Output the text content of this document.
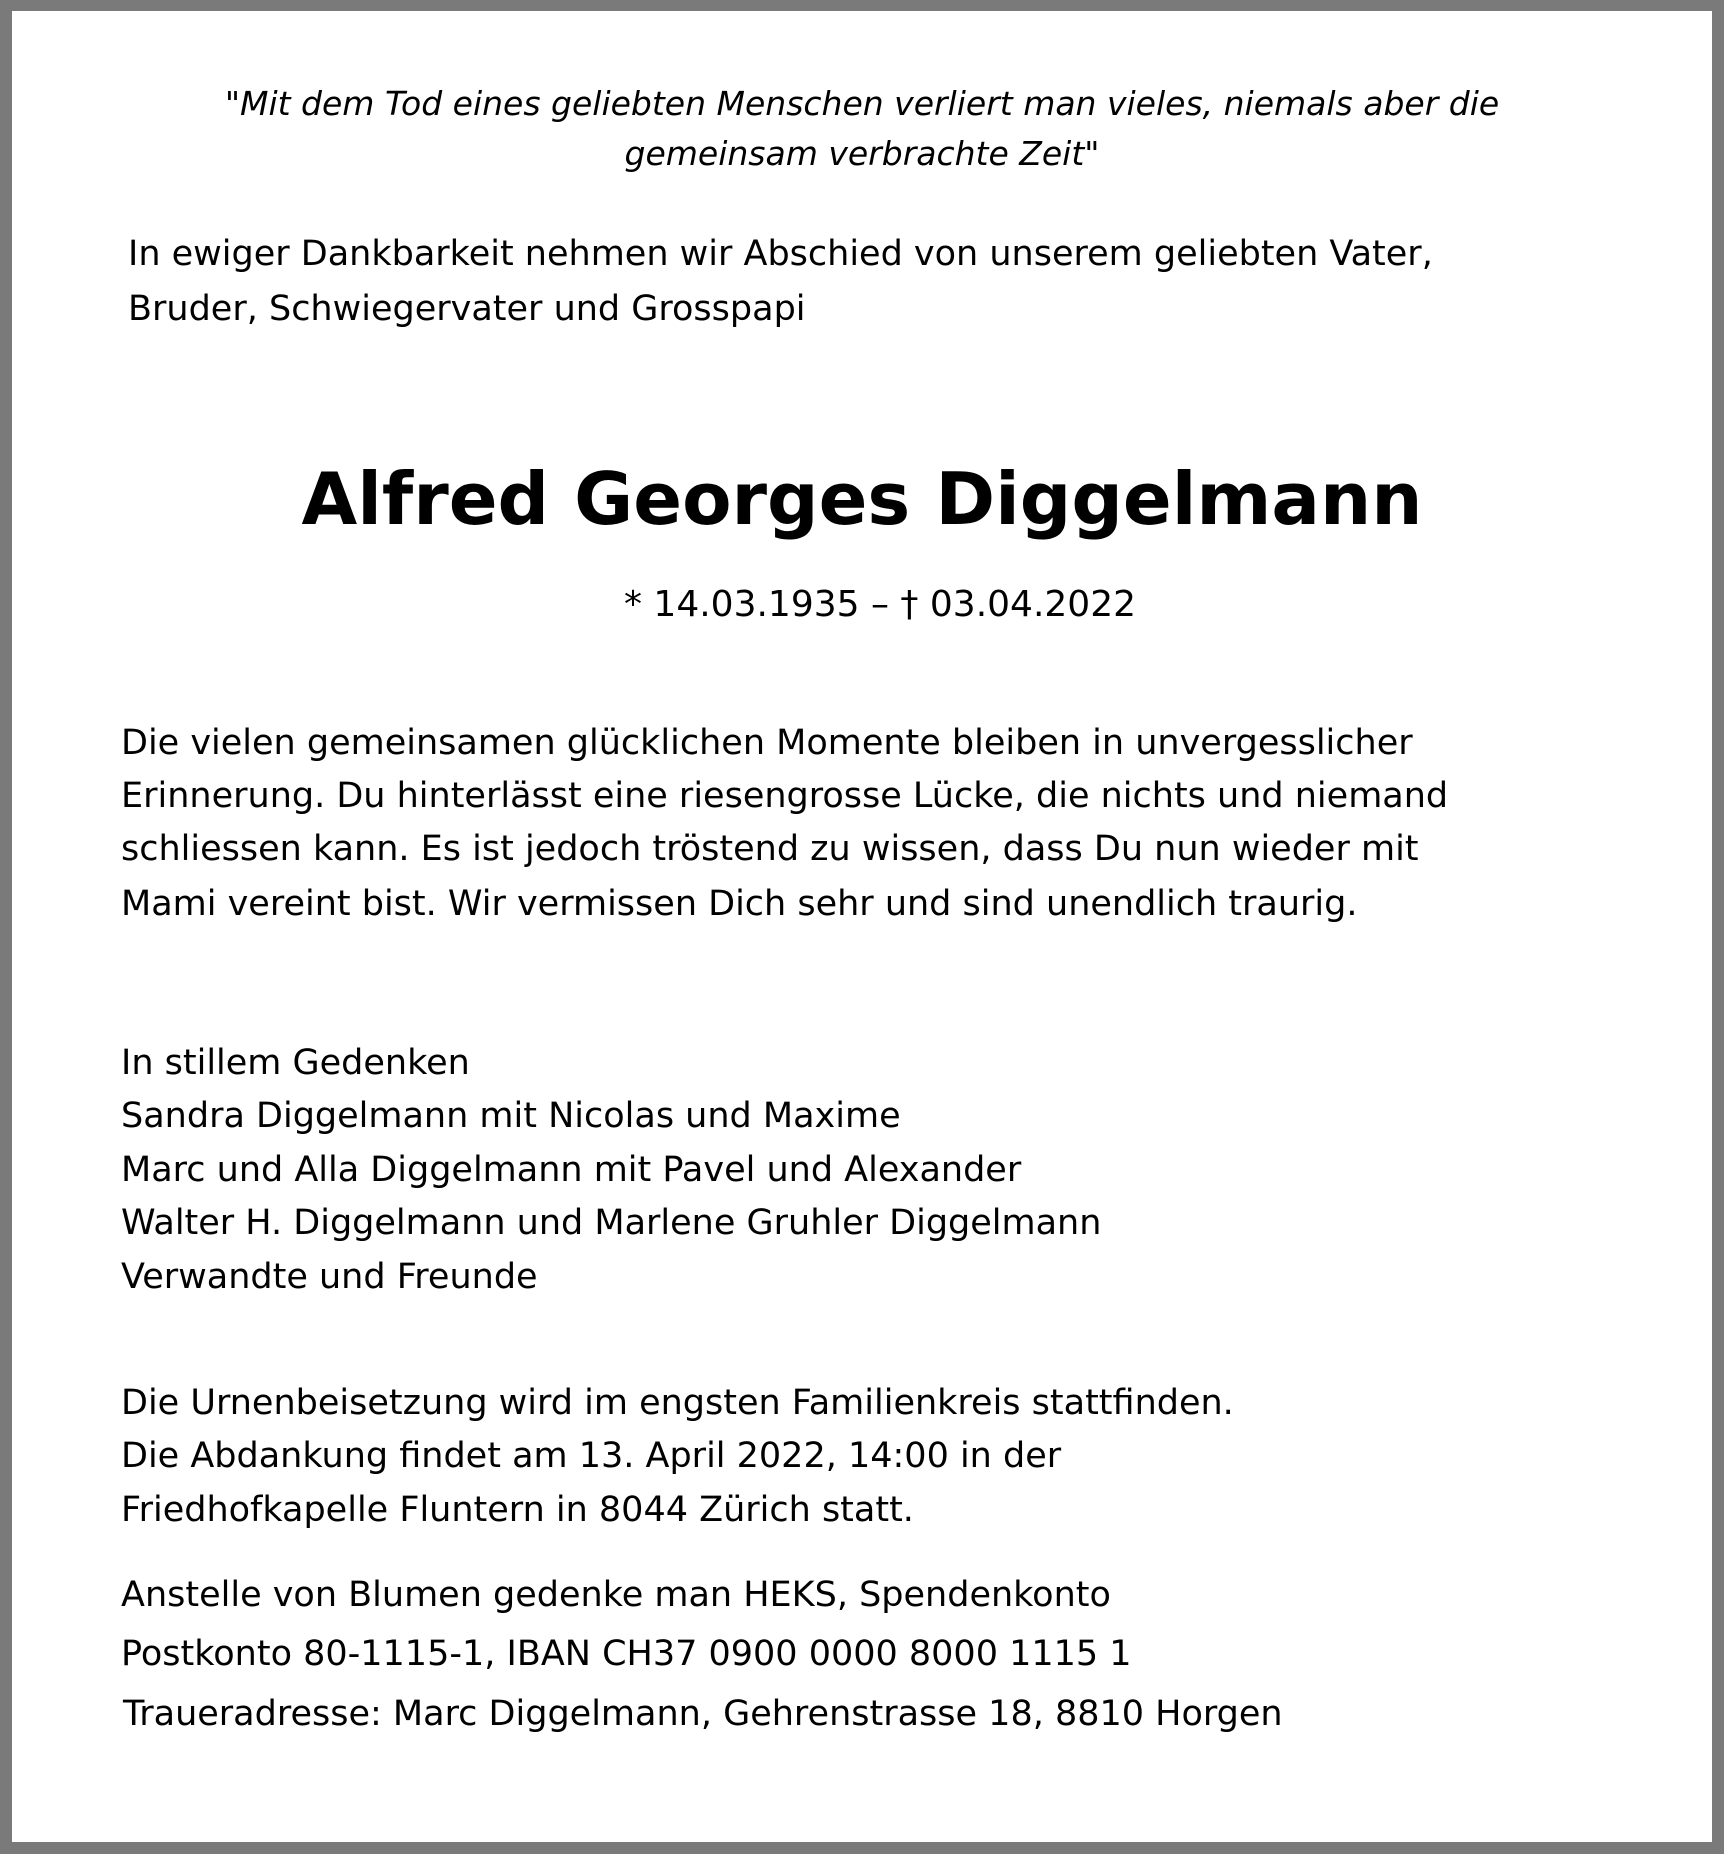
"Mit dem Tod eines geliebten Menschen verliert man vieles, niemals aber die
gemeinsam verbrachte Zeit"
In ewiger Dankbarkeit nehmen wir Abschied von unserem geliebten Vater,
Bruder, Schwiegervater und Grosspapi
Alfred Georges Diggelmann
* 14.03.1935 – † 03.04.2022
Die vielen gemeinsamen glücklichen Momente bleiben in unvergesslicher
Erinnerung. Du hinterlässt eine riesengrosse Lücke, die nichts und niemand
schliessen kann. Es ist jedoch tröstend zu wissen, dass Du nun wieder mit
Mami vereint bist. Wir vermissen Dich sehr und sind unendlich traurig.
In stillem Gedenken
Sandra Diggelmann mit Nicolas und Maxime
Marc und Alla Diggelmann mit Pavel und Alexander
Walter H. Diggelmann und Marlene Gruhler Diggelmann
Verwandte und Freunde
Die Urnenbeisetzung wird im engsten Familienkreis stattfinden.
Die Abdankung findet am 13. April 2022, 14:00 in der
Friedhofkapelle Fluntern in 8044 Zürich statt.
Anstelle von Blumen gedenke man HEKS, Spendenkonto
Postkonto 80-1115-1, IBAN CH37 0900 0000 8000 1115 1
Traueradresse: Marc Diggelmann, Gehrenstrasse 18, 8810 Horgen
